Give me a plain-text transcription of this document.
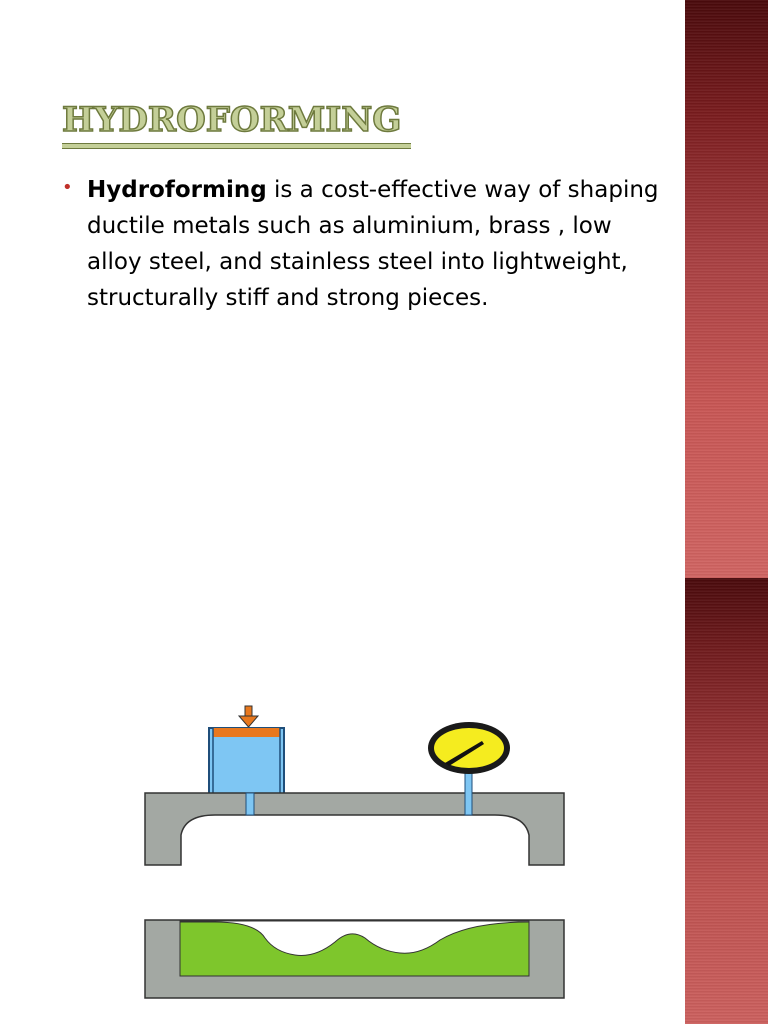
HYDROFORMING
• Hydroforming is a cost-effective way of shaping
ductile metals such as aluminium, brass , low
alloy steel, and stainless steel into lightweight,
structurally stiff and strong pieces.
